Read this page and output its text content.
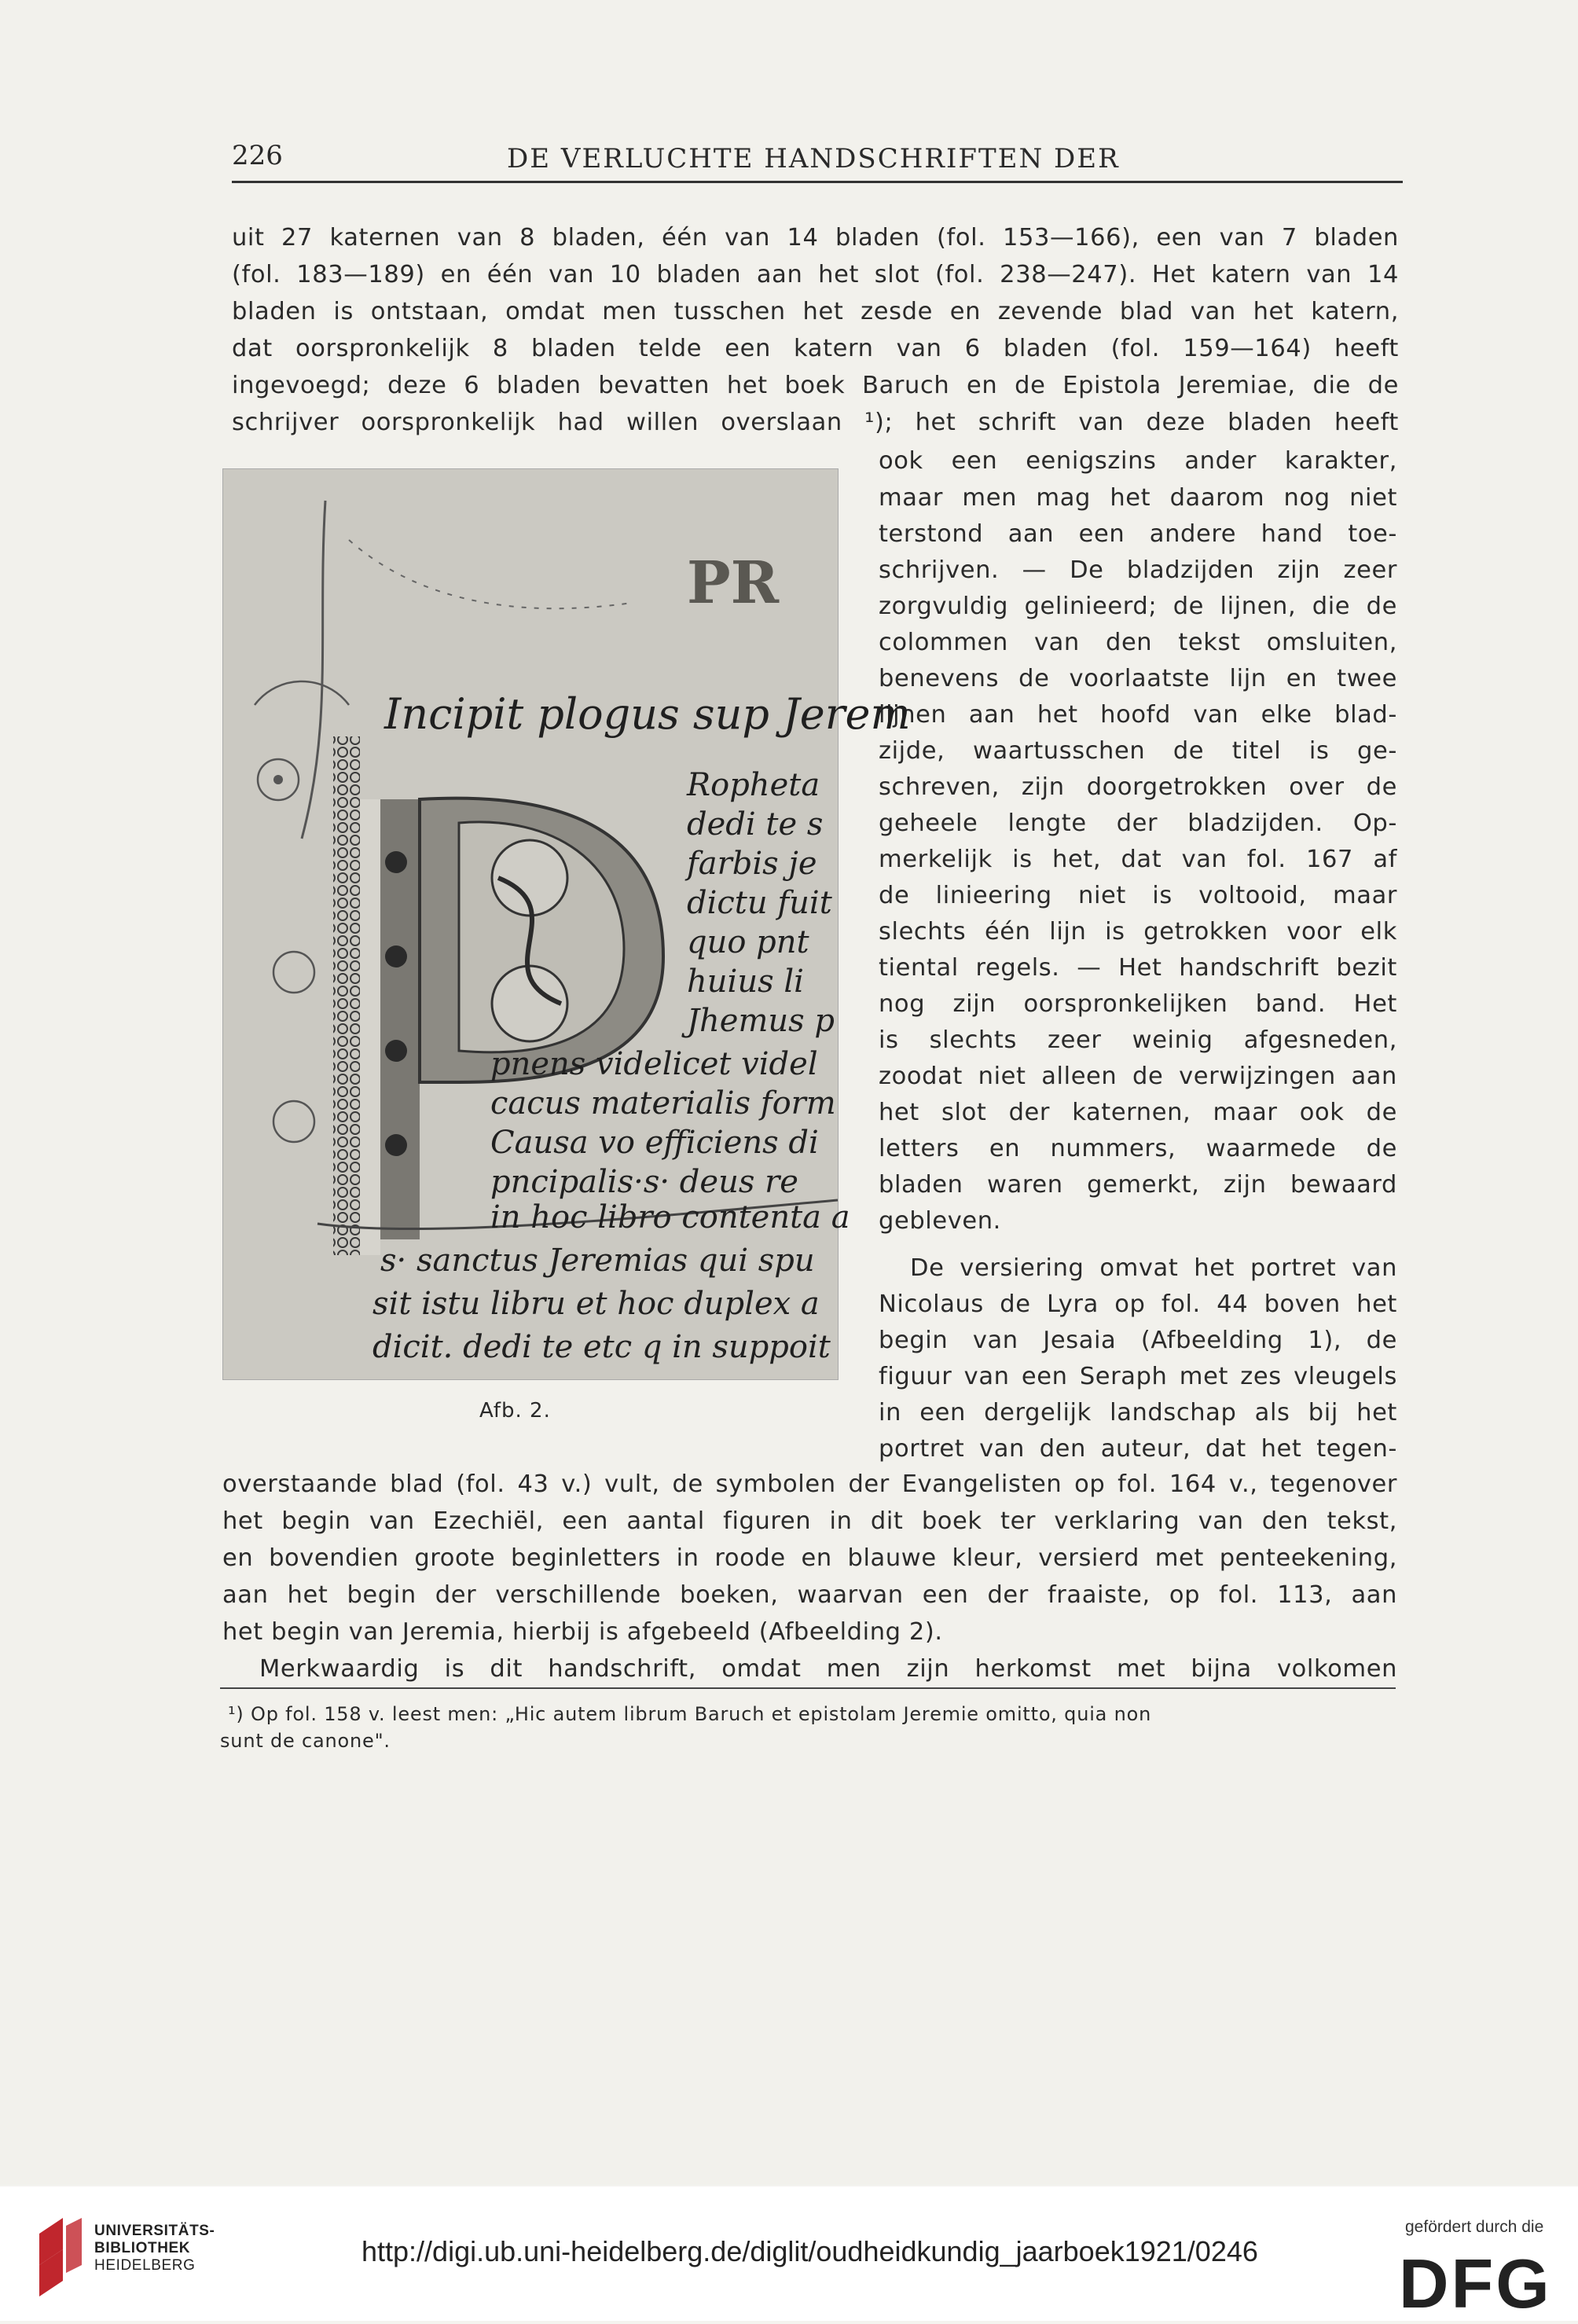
226	DE VERLUCHTE HANDSCHRIFTEN DER
uit 27 katernen van 8 bladen, één van 14 bladen (fol. 153—166), een van 7 bladen
(fol. 183—189) en één van 10 bladen aan het slot (fol. 238—247). Het katern van 14
bladen is ontstaan, omdat men tusschen het zesde en zevende blad van het katern,
dat oorspronkelijk 8 bladen telde een katern van 6 bladen (fol. 159—164) heeft
ingevoegd; deze 6 bladen bevatten het boek Baruch en de Epistola Jeremiae, die de
schrijver oorspronkelijk had willen overslaan ¹); het schrift van deze bladen heeft
ook een eenigszins ander karakter,
maar men mag het daarom nog niet
terstond aan een andere hand toe-
schrijven. — De bladzijden zijn zeer
zorgvuldig gelinieerd; de lijnen, die de
colommen van den tekst omsluiten,
benevens de voorlaatste lijn en twee
lijnen aan het hoofd van elke blad-
zijde, waartusschen de titel is ge-
schreven, zijn doorgetrokken over de
geheele lengte der bladzijden. Op-
merkelijk is het, dat van fol. 167 af
de linieering niet is voltooid, maar
slechts één lijn is getrokken voor elk
tiental regels. — Het handschrift bezit
nog zijn oorspronkelijken band. Het
is slechts zeer weinig afgesneden,
zoodat niet alleen de verwijzingen aan
het slot der katernen, maar ook de
letters en nummers, waarmede de
bladen waren gemerkt, zijn bewaard
gebleven.
De versiering omvat het portret van
Nicolaus de Lyra op fol. 44 boven het
begin van Jesaia (Afbeelding 1), de
figuur van een Seraph met zes vleugels
in een dergelijk landschap als bij het
portret van den auteur, dat het tegen-
overstaande blad (fol. 43 v.) vult, de symbolen der Evangelisten op fol. 164 v., tegenover
het begin van Ezechiël, een aantal figuren in dit boek ter verklaring van den tekst,
en bovendien groote beginletters in roode en blauwe kleur, versierd met penteekening,
aan het begin der verschillende boeken, waarvan een der fraaiste, op fol. 113, aan
het begin van Jeremia, hierbij is afgebeeld (Afbeelding 2).
Merkwaardig is dit handschrift, omdat men zijn herkomst met bijna volkomen
PR
Incipit plogus sup Jerem
Ropheta
dedi te s
farbis je
dictu fuit
quo pnt
huius li
Jhemus p
pnens videlicet videl
cacus materialis form
Causa vo efficiens di
pncipalis·s· deus re
in hoc libro contenta a
s· sanctus Jeremias qui spu
sit istu libru et hoc duplex a
dicit. dedi te etc q in suppoit
Afb. 2.
¹) Op fol. 158 v. leest men: „Hic autem librum Baruch et epistolam Jeremie omitto, quia non
sunt de canone".
UNIVERSITÄTS-
BIBLIOTHEK
HEIDELBERG	http://digi.ub.uni-heidelberg.de/diglit/oudheidkundig_jaarboek1921/0246
gefördert durch die
DFG
